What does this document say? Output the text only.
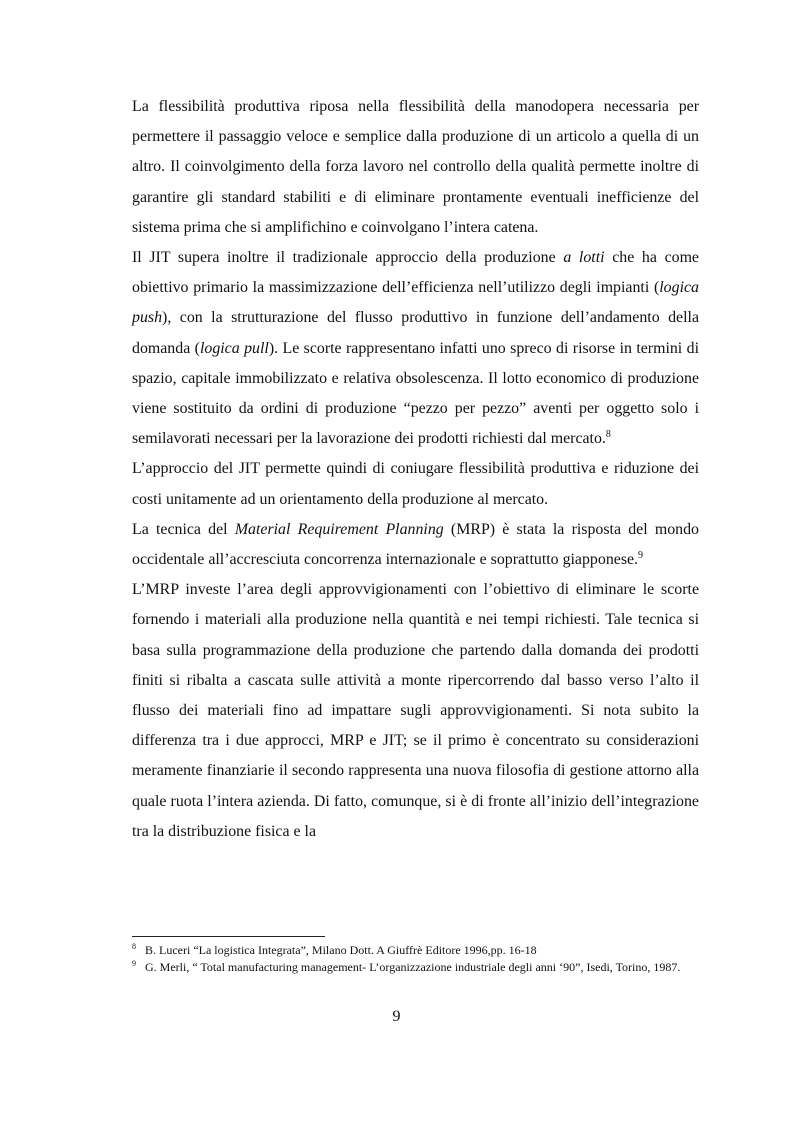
La flessibilità produttiva riposa nella flessibilità della manodopera necessaria per permettere il passaggio veloce e semplice dalla produzione di un articolo a quella di un altro. Il coinvolgimento della forza lavoro nel controllo della qualità permette inoltre di garantire gli standard stabiliti e di eliminare prontamente eventuali inefficienze del sistema prima che si amplifichino e coinvolgano l’intera catena.

Il JIT supera inoltre il tradizionale approccio della produzione a lotti che ha come obiettivo primario la massimizzazione dell’efficienza nell’utilizzo degli impianti (logica push), con la strutturazione del flusso produttivo in funzione dell’andamento della domanda (logica pull). Le scorte rappresentano infatti uno spreco di risorse in termini di spazio, capitale immobilizzato e relativa obsolescenza. Il lotto economico di produzione viene sostituito da ordini di produzione “pezzo per pezzo” aventi per oggetto solo i semilavorati necessari per la lavorazione dei prodotti richiesti dal mercato.$^8$

L’approccio del JIT permette quindi di coniugare flessibilità produttiva e riduzione dei costi unitamente ad un orientamento della produzione al mercato.

La tecnica del Material Requirement Planning (MRP) è stata la risposta del mondo occidentale all’accresciuta concorrenza internazionale e soprattutto giapponese.$^9$

L’MRP investe l’area degli approvvigionamenti con l’obiettivo di eliminare le scorte fornendo i materiali alla produzione nella quantità e nei tempi richiesti. Tale tecnica si basa sulla programmazione della produzione che partendo dalla domanda dei prodotti finiti si ribalta a cascata sulle attività a monte ripercorrendo dal basso verso l’alto il flusso dei materiali fino ad impattare sugli approvvigionamenti. Si nota subito la differenza tra i due approcci, MRP e JIT; se il primo è concentrato su considerazioni meramente finanziarie il secondo rappresenta una nuova filosofia di gestione attorno alla quale ruota l’intera azienda. Di fatto, comunque, si è di fronte all’inizio dell’integrazione tra la distribuzione fisica e la

$^8$ B. Luceri “La logistica Integrata”, Milano Dott. A Giuffrè Editore 1996,pp. 16-18

$^9$ G. Merli, “ Total manufacturing management- L’organizzazione industriale degli anni ‘90”, Isedi, Torino, 1987.

9
